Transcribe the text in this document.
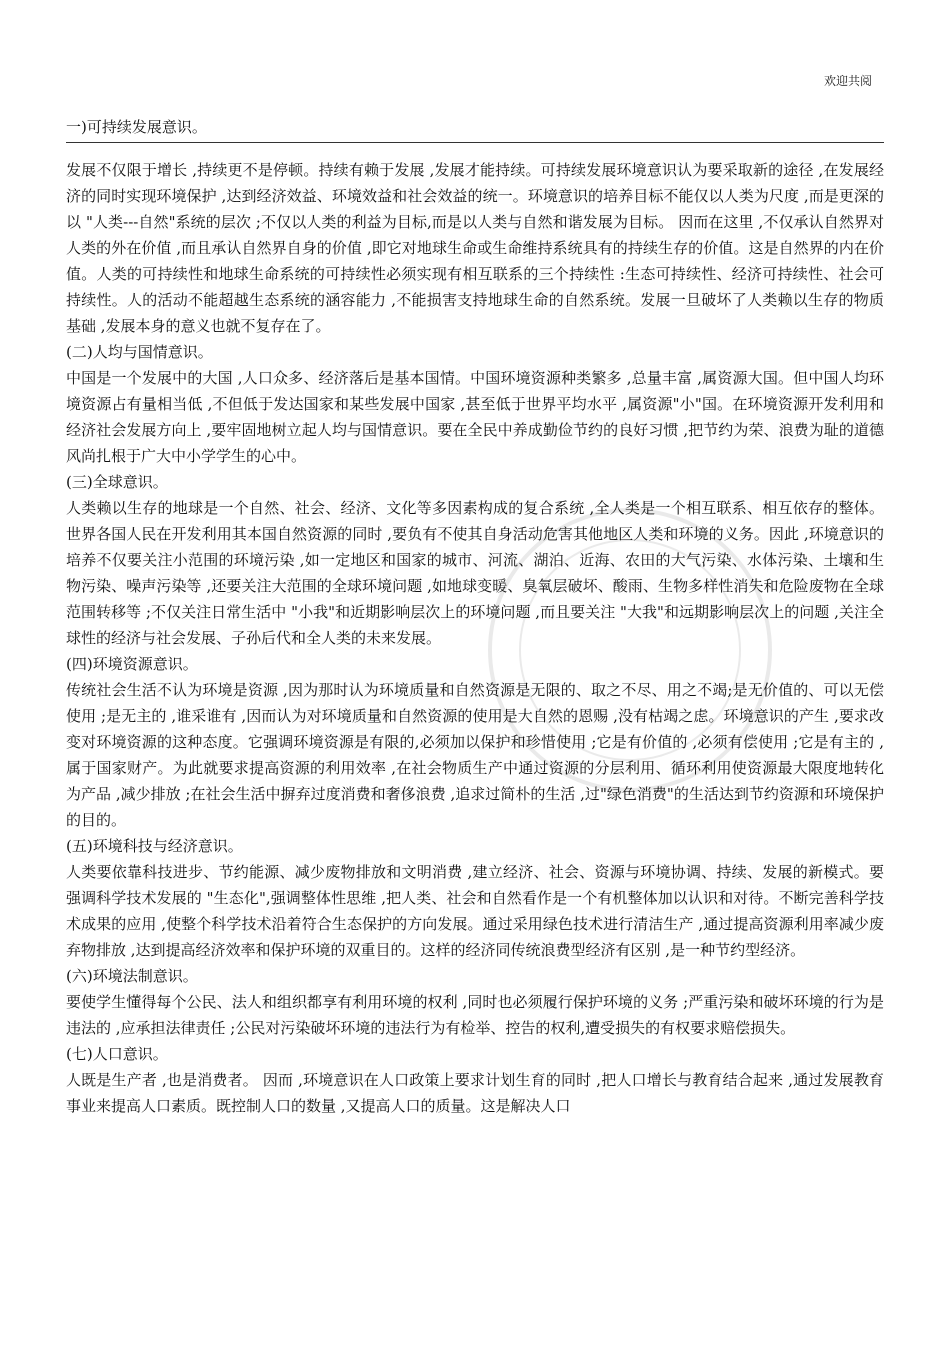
欢迎共阅
一)可持续发展意识。

发展不仅限于增长 ,持续更不是停顿。持续有赖于发展 ,发展才能持续。可持续发展环境意识认为要采取新的途径 ,在发展经济的同时实现环境保护 ,达到经济效益、环境效益和社会效益的统一。环境意识的培养目标不能仅以人类为尺度 ,而是更深的以 "人类---自然"系统的层次 ;不仅以人类的利益为目标,而是以人类与自然和谐发展为目标。 因而在这里 ,不仅承认自然界对人类的外在价值 ,而且承认自然界自身的价值 ,即它对地球生命或生命维持系统具有的持续生存的价值。这是自然界的内在价值。人类的可持续性和地球生命系统的可持续性必须实现有相互联系的三个持续性 :生态可持续性、经济可持续性、社会可持续性。人的活动不能超越生态系统的涵容能力 ,不能损害支持地球生命的自然系统。发展一旦破坏了人类赖以生存的物质基础 ,发展本身的意义也就不复存在了。

(二)人均与国情意识。

中国是一个发展中的大国 ,人口众多、经济落后是基本国情。中国环境资源种类繁多 ,总量丰富 ,属资源大国。但中国人均环境资源占有量相当低 ,不但低于发达国家和某些发展中国家 ,甚至低于世界平均水平 ,属资源"小"国。在环境资源开发利用和经济社会发展方向上 ,要牢固地树立起人均与国情意识。要在全民中养成勤俭节约的良好习惯 ,把节约为荣、浪费为耻的道德风尚扎根于广大中小学学生的心中。

(三)全球意识。

人类赖以生存的地球是一个自然、社会、经济、文化等多因素构成的复合系统 ,全人类是一个相互联系、相互依存的整体。世界各国人民在开发利用其本国自然资源的同时 ,要负有不使其自身活动危害其他地区人类和环境的义务。因此 ,环境意识的培养不仅要关注小范围的环境污染 ,如一定地区和国家的城市、河流、湖泊、近海、农田的大气污染、水体污染、土壤和生物污染、噪声污染等 ,还要关注大范围的全球环境问题 ,如地球变暖、臭氧层破坏、酸雨、生物多样性消失和危险废物在全球范围转移等 ;不仅关注日常生活中 "小我"和近期影响层次上的环境问题 ,而且要关注 "大我"和远期影响层次上的问题 ,关注全球性的经济与社会发展、子孙后代和全人类的未来发展。

(四)环境资源意识。

传统社会生活不认为环境是资源 ,因为那时认为环境质量和自然资源是无限的、取之不尽、用之不竭;是无价值的、可以无偿使用 ;是无主的 ,谁采谁有 ,因而认为对环境质量和自然资源的使用是大自然的恩赐 ,没有枯竭之虑。环境意识的产生 ,要求改变对环境资源的这种态度。它强调环境资源是有限的,必须加以保护和珍惜使用 ;它是有价值的 ,必须有偿使用 ;它是有主的 ,属于国家财产。为此就要求提高资源的利用效率 ,在社会物质生产中通过资源的分层利用、循环利用使资源最大限度地转化为产品 ,减少排放 ;在社会生活中摒弃过度消费和奢侈浪费 ,追求过简朴的生活 ,过"绿色消费"的生活达到节约资源和环境保护的目的。

(五)环境科技与经济意识。

人类要依靠科技进步、节约能源、减少废物排放和文明消费 ,建立经济、社会、资源与环境协调、持续、发展的新模式。要强调科学技术发展的 "生态化",强调整体性思维 ,把人类、社会和自然看作是一个有机整体加以认识和对待。不断完善科学技术成果的应用 ,使整个科学技术沿着符合生态保护的方向发展。通过采用绿色技术进行清洁生产 ,通过提高资源利用率减少废弃物排放 ,达到提高经济效率和保护环境的双重目的。这样的经济同传统浪费型经济有区别 ,是一种节约型经济。

(六)环境法制意识。

要使学生懂得每个公民、法人和组织都享有利用环境的权利 ,同时也必须履行保护环境的义务 ;严重污染和破坏环境的行为是违法的 ,应承担法律责任 ;公民对污染破坏环境的违法行为有检举、控告的权利,遭受损失的有权要求赔偿损失。

(七)人口意识。

人既是生产者 ,也是消费者。 因而 ,环境意识在人口政策上要求计划生育的同时 ,把人口增长与教育结合起来 ,通过发展教育事业来提高人口素质。既控制人口的数量 ,又提高人口的质量。这是解决人口
